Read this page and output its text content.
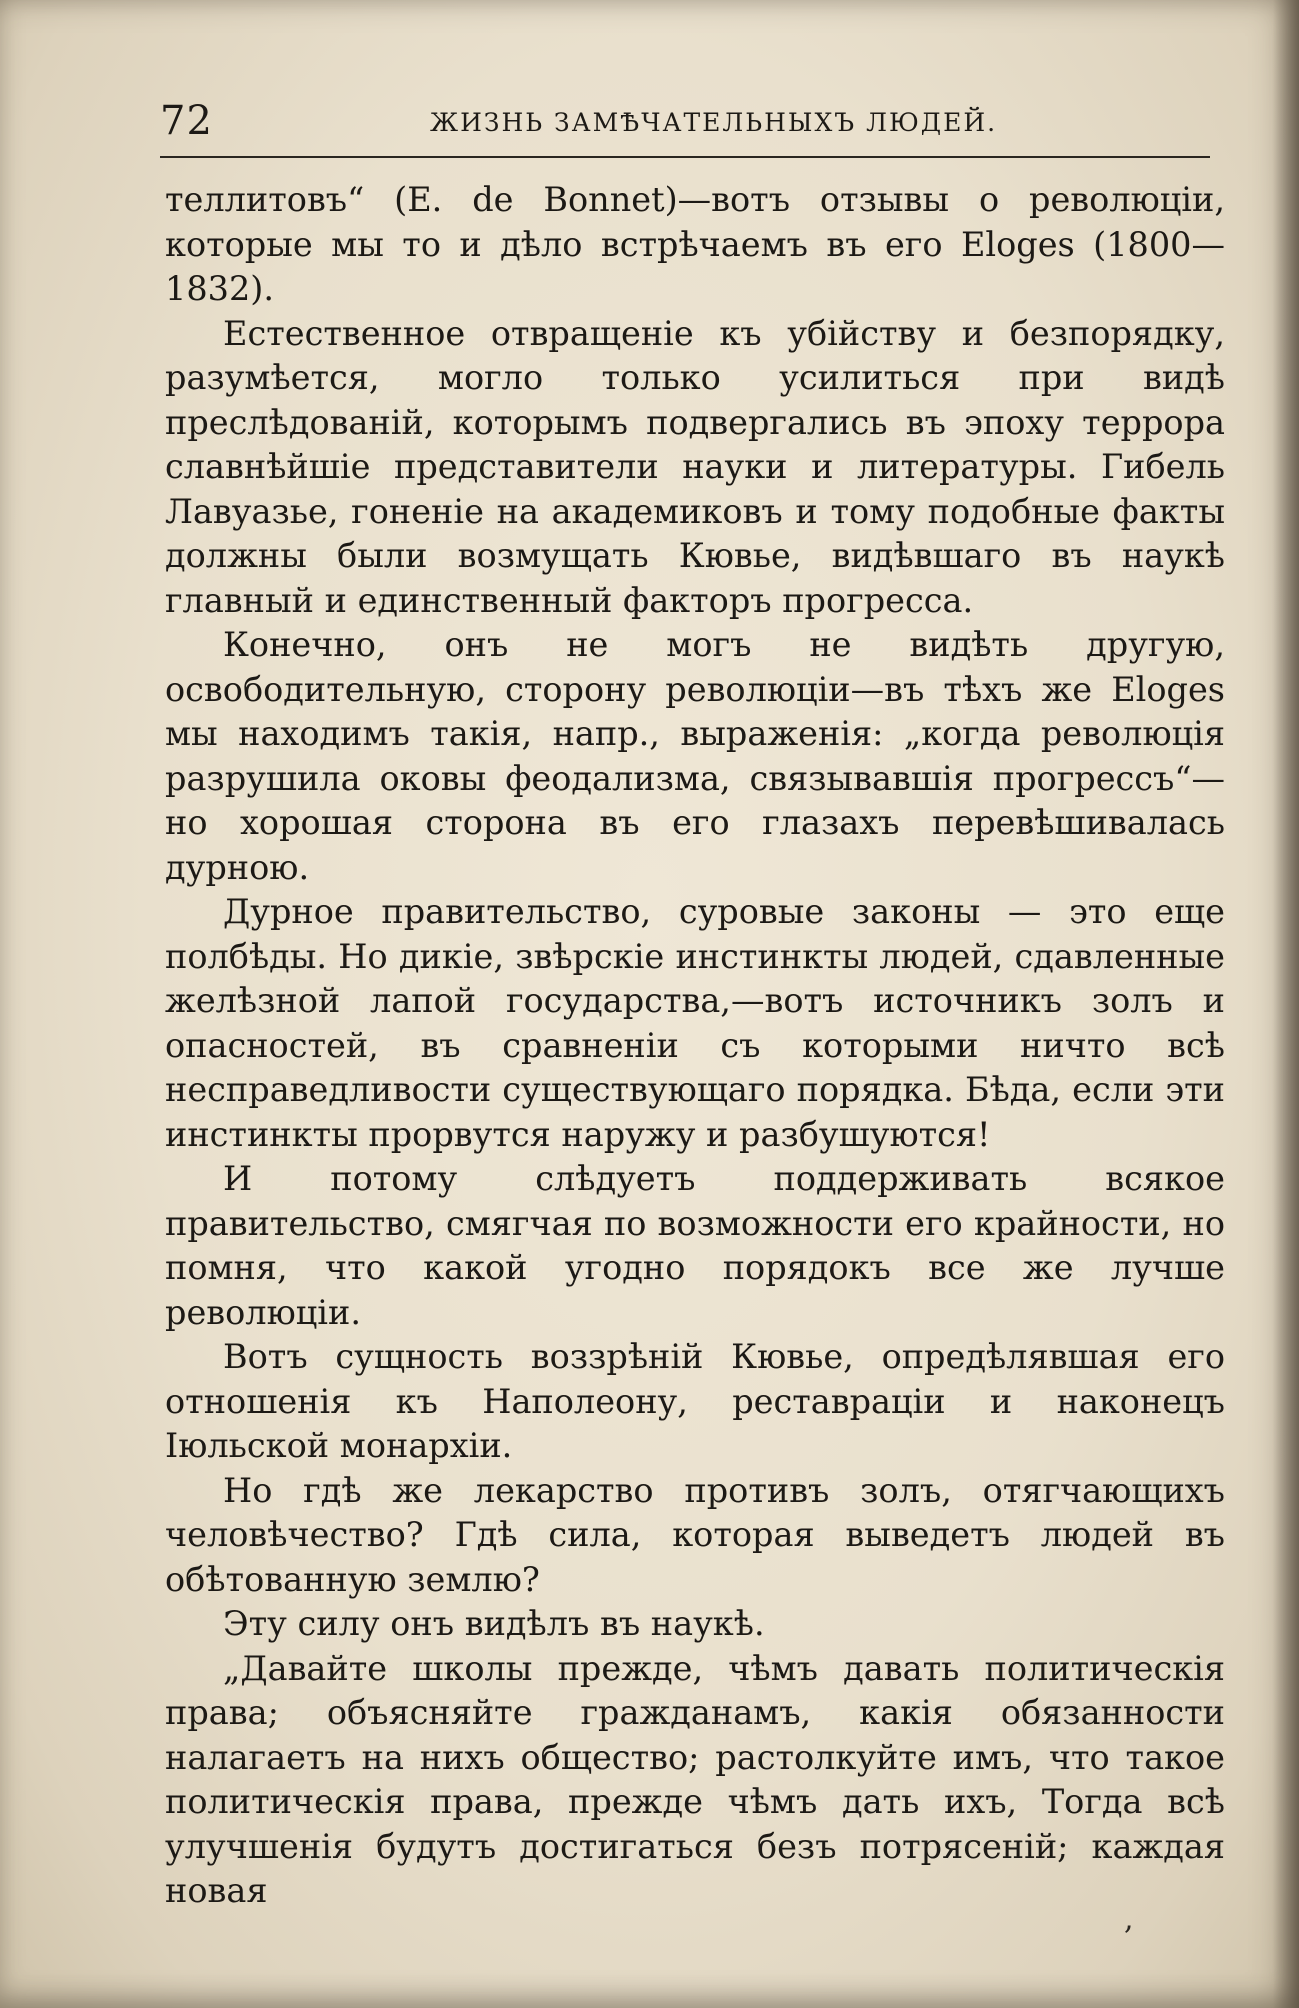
72	ЖИЗНЬ ЗАМѢЧАТЕЛЬНЫХЪ ЛЮДЕЙ.

теллитовъ“ (E. de Bonnet)—вотъ отзывы о революціи, которые мы то и дѣло встрѣчаемъ въ его Eloges (1800—1832).

Естественное отвращеніе къ убійству и безпорядку, разумѣется, могло только усилиться при видѣ преслѣдованій, которымъ подвергались въ эпоху террора славнѣйшіе представители науки и литературы. Гибель Лавуазье, гоненіе на академиковъ и тому подобные факты должны были возмущать Кювье, видѣвшаго въ наукѣ главный и единственный факторъ прогресса.

Конечно, онъ не могъ не видѣть другую, освободительную, сторону революціи—въ тѣхъ же Eloges мы находимъ такія, напр., выраженія: „когда революція разрушила оковы феодализма, связывавшія прогрессъ“—но хорошая сторона въ его глазахъ перевѣшивалась дурною.

Дурное правительство, суровые законы — это еще полбѣды. Но дикіе, звѣрскіе инстинкты людей, сдавленные желѣзной лапой государства,—вотъ источникъ золъ и опасностей, въ сравненіи съ которыми ничто всѣ несправедливости существующаго порядка. Бѣда, если эти инстинкты прорвутся наружу и разбушуются!

И потому слѣдуетъ поддерживать всякое правительство, смягчая по возможности его крайности, но помня, что какой угодно порядокъ все же лучше революціи.

Вотъ сущность воззрѣній Кювье, опредѣлявшая его отношенія къ Наполеону, реставраціи и наконецъ Іюльской монархіи.

Но гдѣ же лекарство противъ золъ, отягчающихъ человѣчество? Гдѣ сила, которая выведетъ людей въ обѣтованную землю?

Эту силу онъ видѣлъ въ наукѣ.

„Давайте школы прежде, чѣмъ давать политическія права; объясняйте гражданамъ, какія обязанности налагаетъ на нихъ общество; растолкуйте имъ, что такое политическія права, прежде чѣмъ дать ихъ, Тогда всѣ улучшенія будутъ достигаться безъ потрясеній; каждая новая

,
